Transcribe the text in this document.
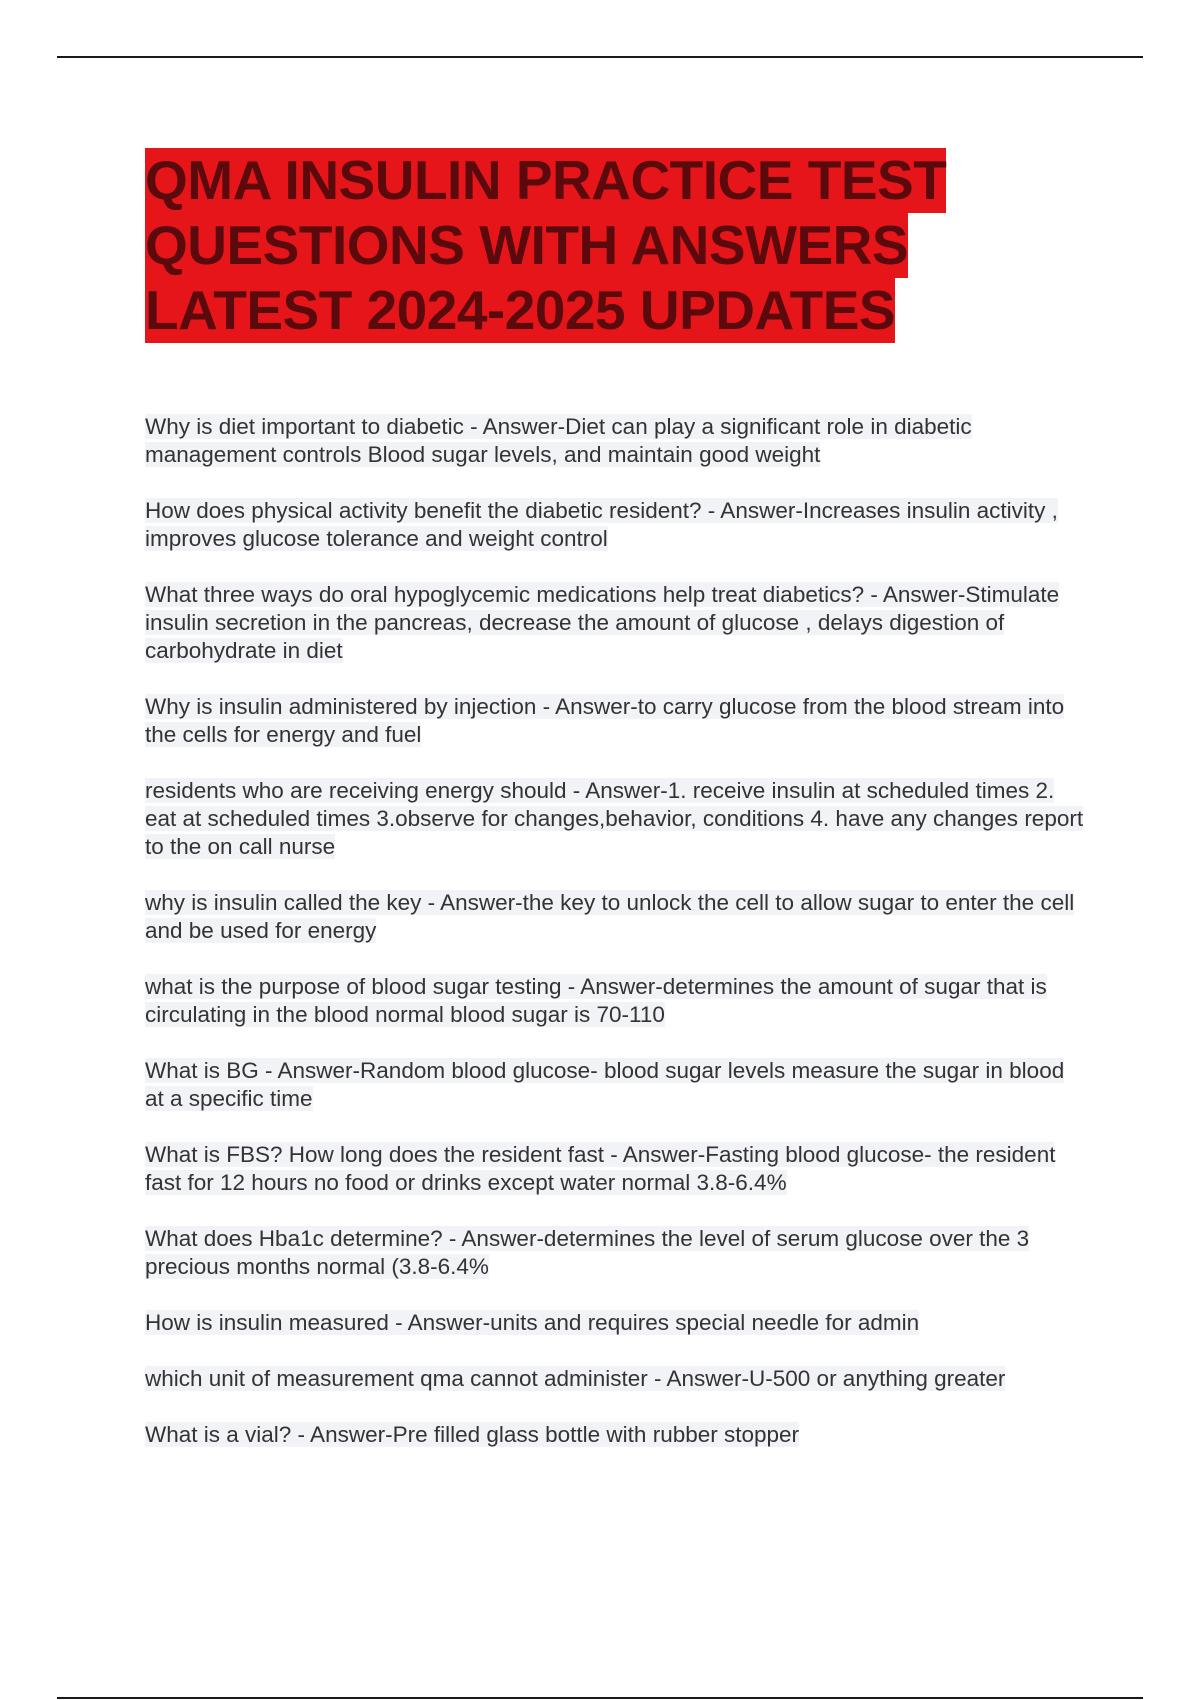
QMA INSULIN PRACTICE TEST
QUESTIONS WITH ANSWERS
LATEST 2024-2025 UPDATES

Why is diet important to diabetic - Answer-Diet can play a significant role in diabetic management controls Blood sugar levels, and maintain good weight

How does physical activity benefit the diabetic resident? - Answer-Increases insulin activity , improves glucose tolerance and weight control

What three ways do oral hypoglycemic medications help treat diabetics? - Answer-Stimulate insulin secretion in the pancreas, decrease the amount of glucose , delays digestion of carbohydrate in diet

Why is insulin administered by injection - Answer-to carry glucose from the blood stream into the cells for energy and fuel

residents who are receiving energy should - Answer-1. receive insulin at scheduled times 2. eat at scheduled times 3.observe for changes,behavior, conditions 4. have any changes report to the on call nurse

why is insulin called the key - Answer-the key to unlock the cell to allow sugar to enter the cell and be used for energy

what is the purpose of blood sugar testing - Answer-determines the amount of sugar that is circulating in the blood normal blood sugar is 70-110

What is BG - Answer-Random blood glucose- blood sugar levels measure the sugar in blood at a specific time

What is FBS? How long does the resident fast - Answer-Fasting blood glucose- the resident fast for 12 hours no food or drinks except water normal 3.8-6.4%

What does Hba1c determine? - Answer-determines the level of serum glucose over the 3 precious months normal (3.8-6.4%

How is insulin measured - Answer-units and requires special needle for admin

which unit of measurement qma cannot administer - Answer-U-500 or anything greater

What is a vial? - Answer-Pre filled glass bottle with rubber stopper
